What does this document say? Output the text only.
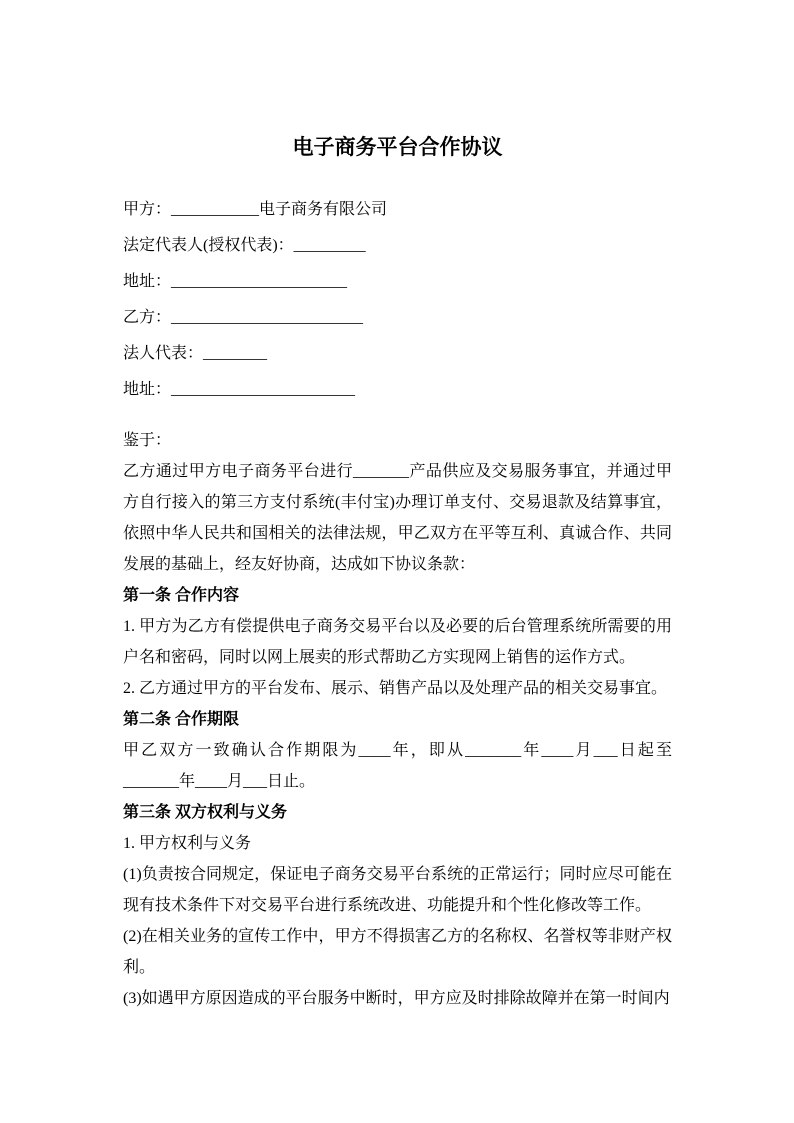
电子商务平台合作协议

甲方：___________电子商务有限公司

法定代表人(授权代表)：_________

地址：______________________

乙方：________________________

法人代表：________

地址：_______________________

鉴于：

乙方通过甲方电子商务平台进行_______产品供应及交易服务事宜，并通过甲方自行接入的第三方支付系统(丰付宝)办理订单支付、交易退款及结算事宜，依照中华人民共和国相关的法律法规，甲乙双方在平等互利、真诚合作、共同发展的基础上，经友好协商，达成如下协议条款：

第一条 合作内容

1. 甲方为乙方有偿提供电子商务交易平台以及必要的后台管理系统所需要的用户名和密码，同时以网上展卖的形式帮助乙方实现网上销售的运作方式。

2. 乙方通过甲方的平台发布、展示、销售产品以及处理产品的相关交易事宜。

第二条 合作期限

甲乙双方一致确认合作期限为____年，即从_______年____月___日起至_______年____月___日止。

第三条 双方权利与义务

1. 甲方权利与义务

(1)负责按合同规定，保证电子商务交易平台系统的正常运行；同时应尽可能在现有技术条件下对交易平台进行系统改进、功能提升和个性化修改等工作。

(2)在相关业务的宣传工作中，甲方不得损害乙方的名称权、名誉权等非财产权利。

(3)如遇甲方原因造成的平台服务中断时，甲方应及时排除故障并在第一时间内
